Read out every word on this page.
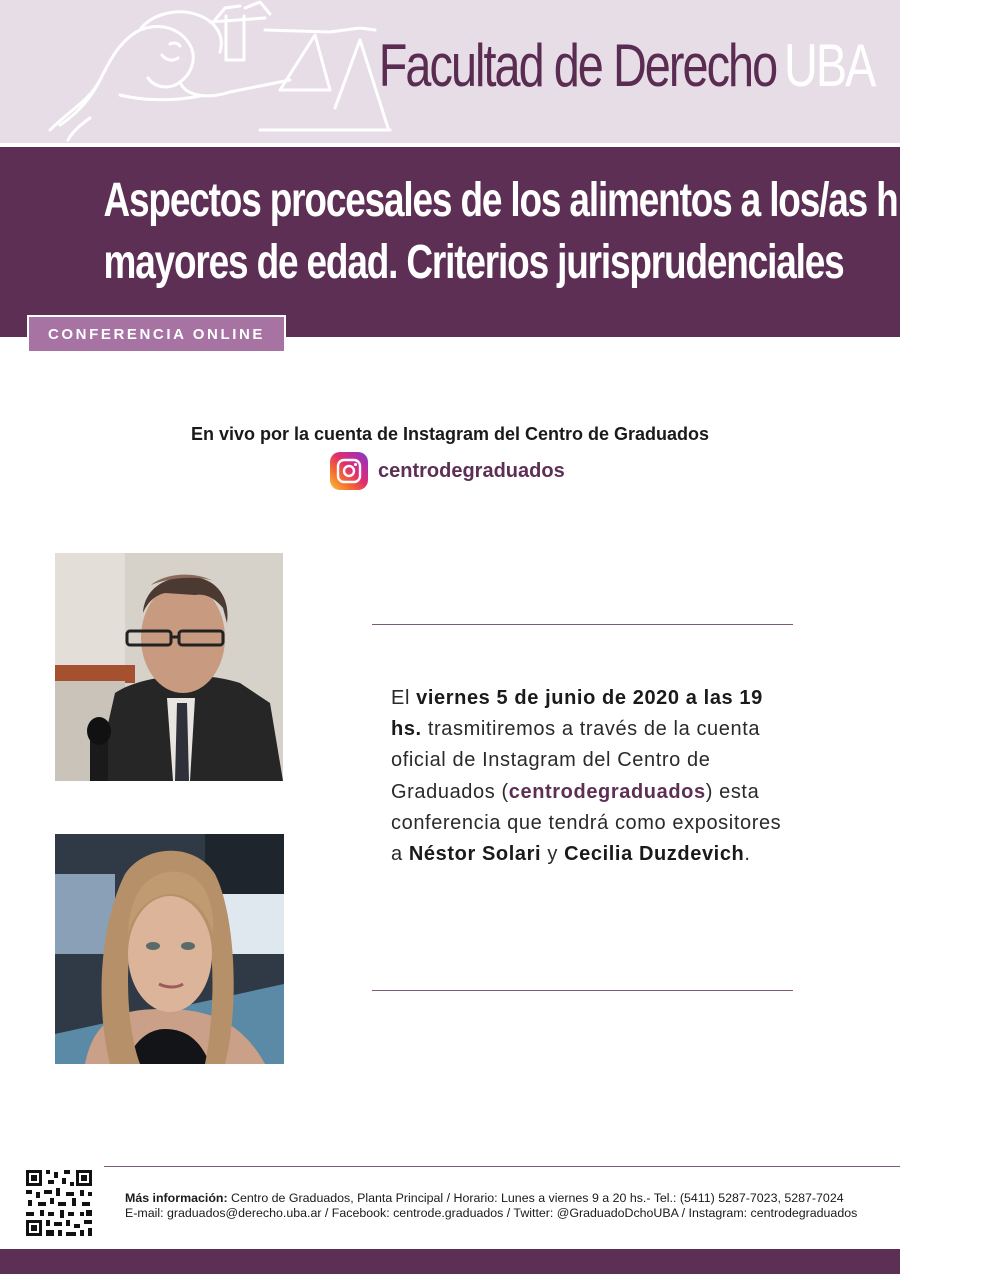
Facultad de Derecho UBA
Aspectos procesales de los alimentos a los/as hijos/as
mayores de edad. Criterios jurisprudenciales
CONFERENCIA ONLINE
En vivo por la cuenta de Instagram del Centro de Graduados
centrodegraduados

El viernes 5 de junio de 2020 a las 19 hs. trasmitiremos a través de la cuenta oficial de Instagram del Centro de Graduados (centrodegraduados) esta conferencia que tendrá como expositores a Néstor Solari y Cecilia Duzdevich.

Más información: Centro de Graduados, Planta Principal / Horario: Lunes a viernes 9 a 20 hs.- Tel.: (5411) 5287-7023, 5287-7024
E-mail: graduados@derecho.uba.ar / Facebook: centrode.graduados / Twitter: @GraduadoDchoUBA / Instagram: centrodegraduados
